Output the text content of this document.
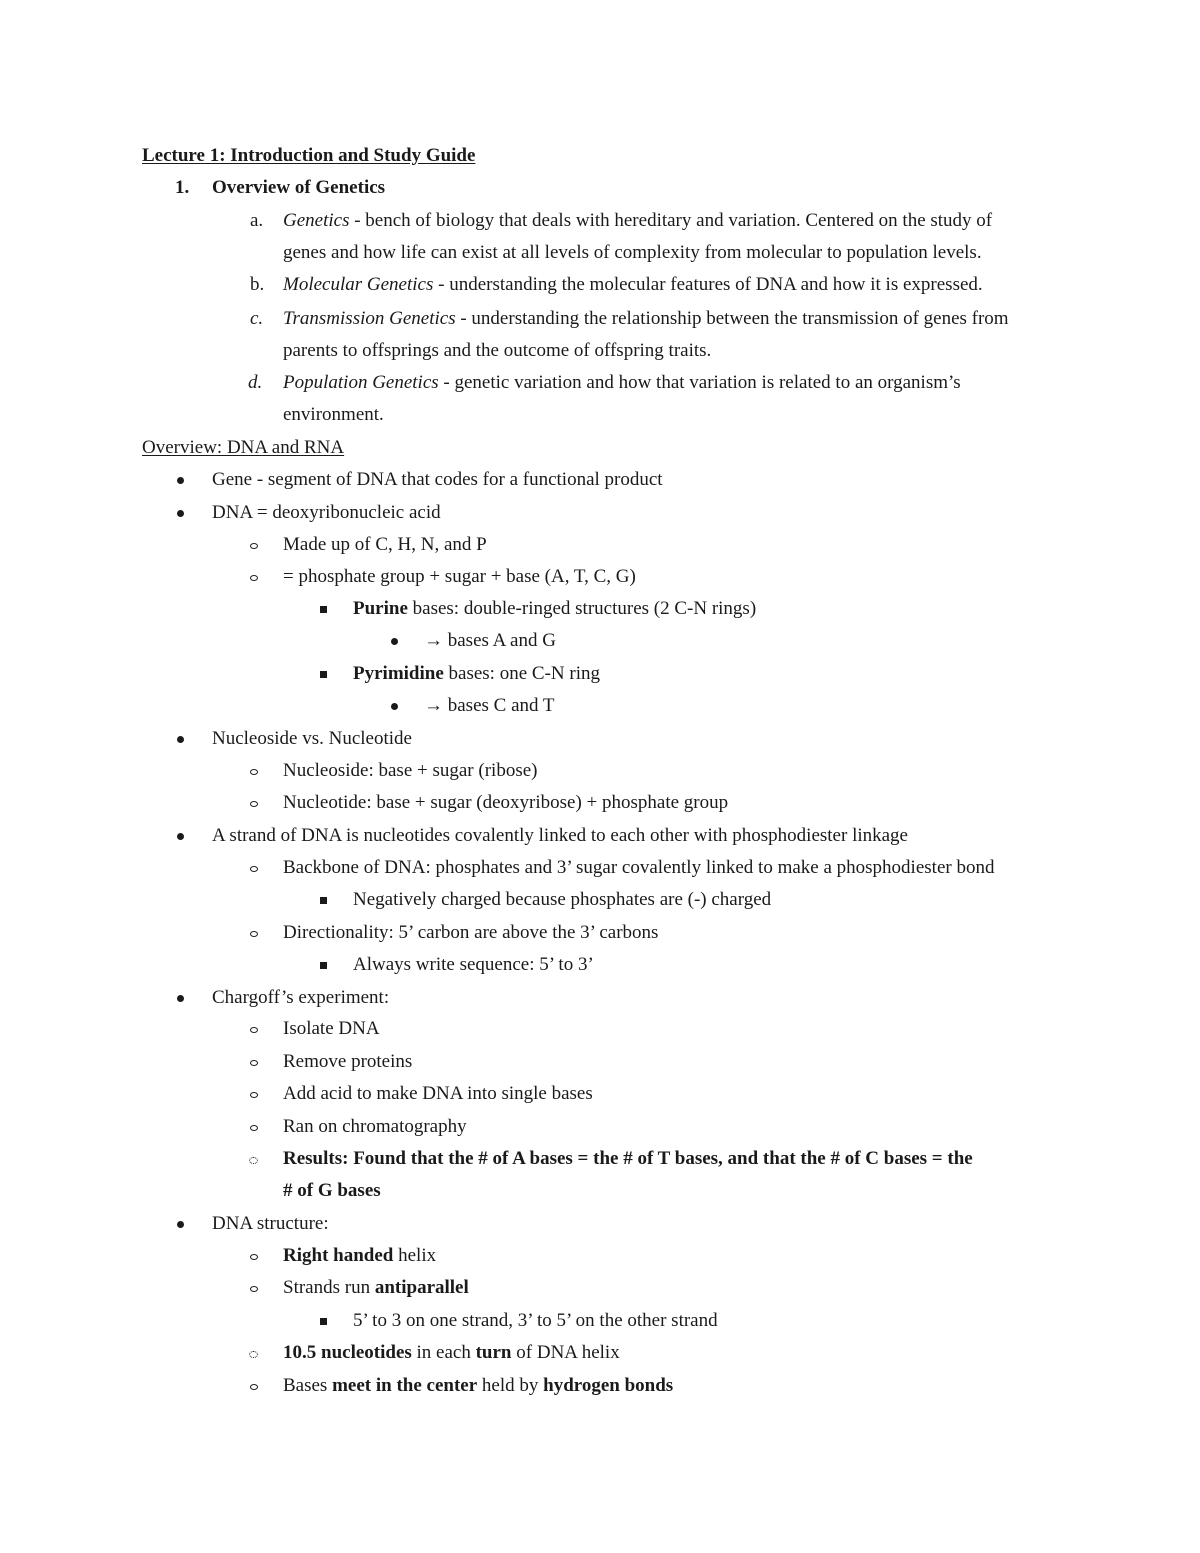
Lecture 1: Introduction and Study Guide
1. Overview of Genetics
a. Genetics - bench of biology that deals with hereditary and variation. Centered on the study of
genes and how life can exist at all levels of complexity from molecular to population levels.
b. Molecular Genetics - understanding the molecular features of DNA and how it is expressed.
c. Transmission Genetics - understanding the relationship between the transmission of genes from
parents to offsprings and the outcome of offspring traits.
d. Population Genetics - genetic variation and how that variation is related to an organism’s
environment.
Overview: DNA and RNA
Gene - segment of DNA that codes for a functional product
DNA = deoxyribonucleic acid
Made up of C, H, N, and P
= phosphate group + sugar + base (A, T, C, G)
Purine bases: double-ringed structures (2 C-N rings)
→ bases A and G
Pyrimidine bases: one C-N ring
→ bases C and T
Nucleoside vs. Nucleotide
Nucleoside: base + sugar (ribose)
Nucleotide: base + sugar (deoxyribose) + phosphate group
A strand of DNA is nucleotides covalently linked to each other with phosphodiester linkage
Backbone of DNA: phosphates and 3’ sugar covalently linked to make a phosphodiester bond
Negatively charged because phosphates are (-) charged
Directionality: 5’ carbon are above the 3’ carbons
Always write sequence: 5’ to 3’
Chargoff’s experiment:
Isolate DNA
Remove proteins
Add acid to make DNA into single bases
Ran on chromatography
Results: Found that the # of A bases = the # of T bases, and that the # of C bases = the
# of G bases
DNA structure:
Right handed helix
Strands run antiparallel
5’ to 3 on one strand, 3’ to 5’ on the other strand
10.5 nucleotides in each turn of DNA helix
Bases meet in the center held by hydrogen bonds
